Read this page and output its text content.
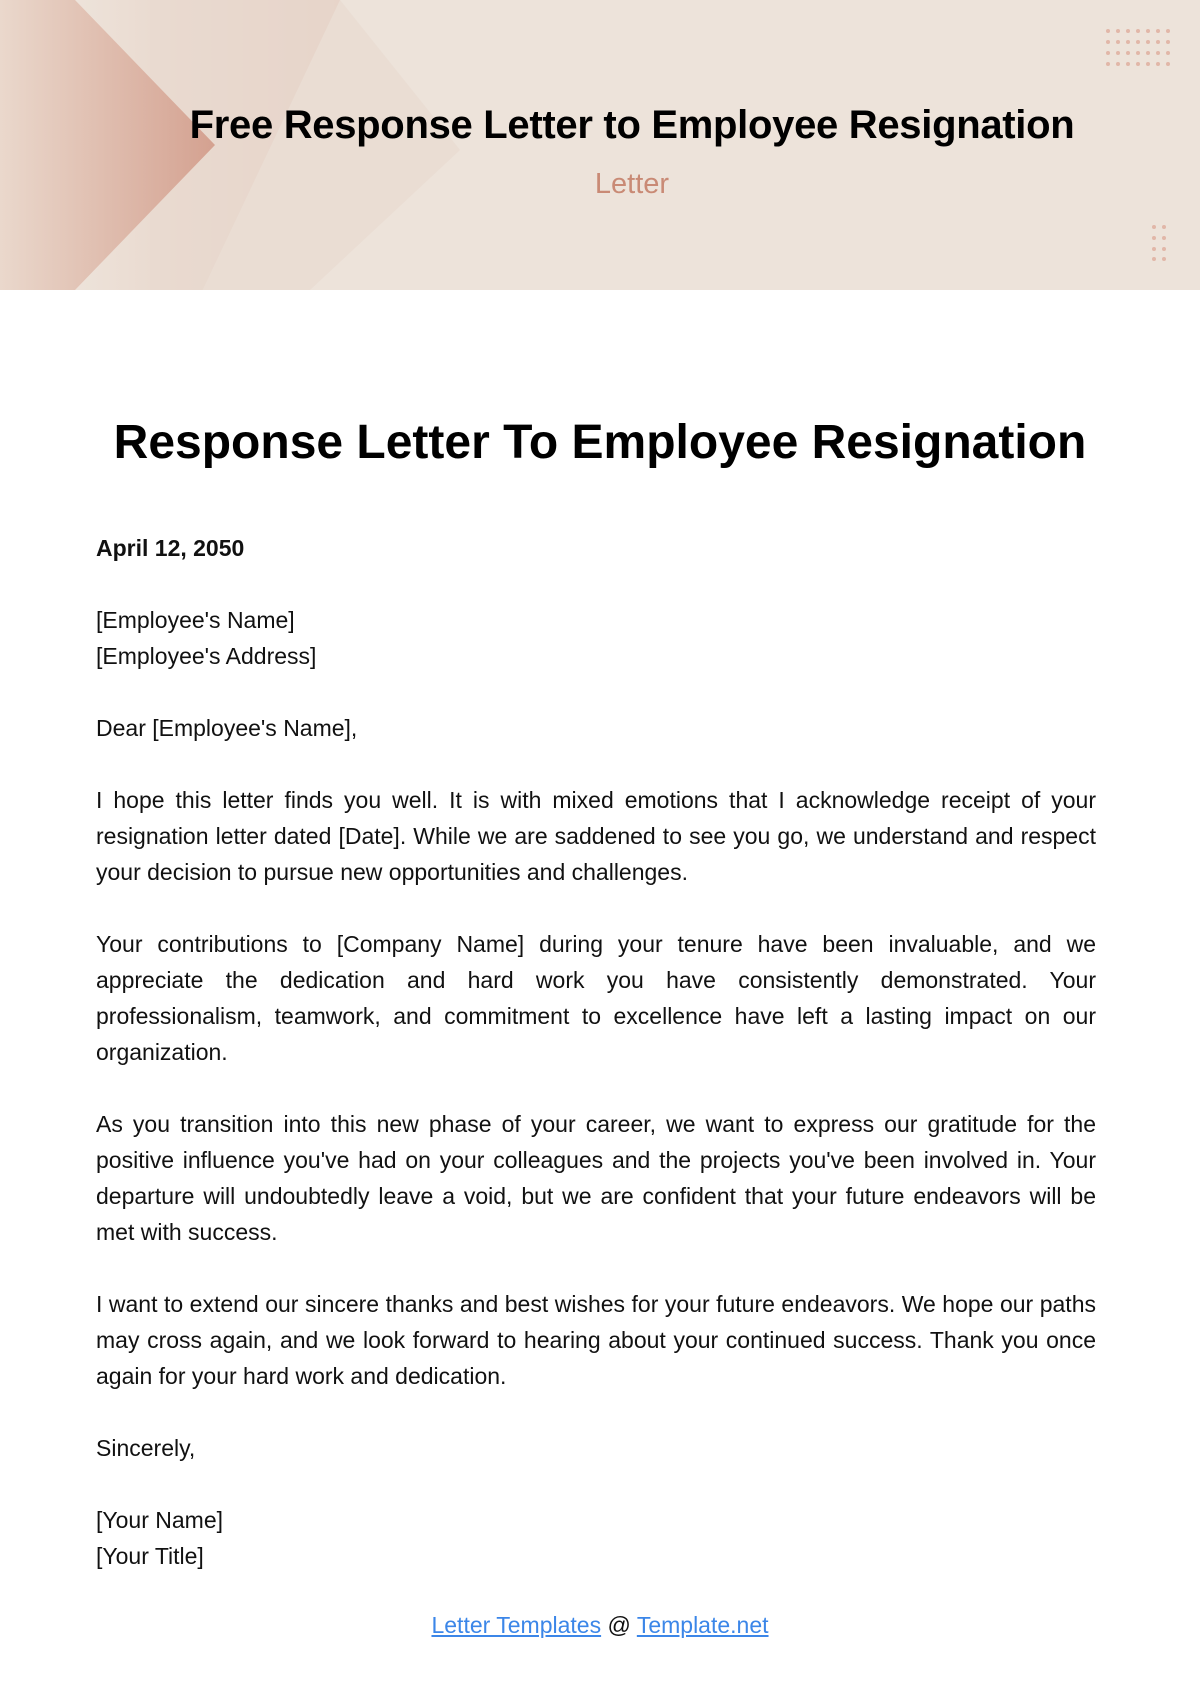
Free Response Letter to Employee Resignation
Letter
Response Letter To Employee Resignation

April 12, 2050

[Employee's Name]
[Employee's Address]

Dear [Employee's Name],

I hope this letter finds you well. It is with mixed emotions that I acknowledge receipt of your resignation letter dated [Date]. While we are saddened to see you go, we understand and respect your decision to pursue new opportunities and challenges.

Your contributions to [Company Name] during your tenure have been invaluable, and we appreciate the dedication and hard work you have consistently demonstrated. Your professionalism, teamwork, and commitment to excellence have left a lasting impact on our organization.

As you transition into this new phase of your career, we want to express our gratitude for the positive influence you've had on your colleagues and the projects you've been involved in. Your departure will undoubtedly leave a void, but we are confident that your future endeavors will be met with success.

I want to extend our sincere thanks and best wishes for your future endeavors. We hope our paths may cross again, and we look forward to hearing about your continued success. Thank you once again for your hard work and dedication.

Sincerely,

[Your Name]
[Your Title]

Letter Templates @ Template.net
